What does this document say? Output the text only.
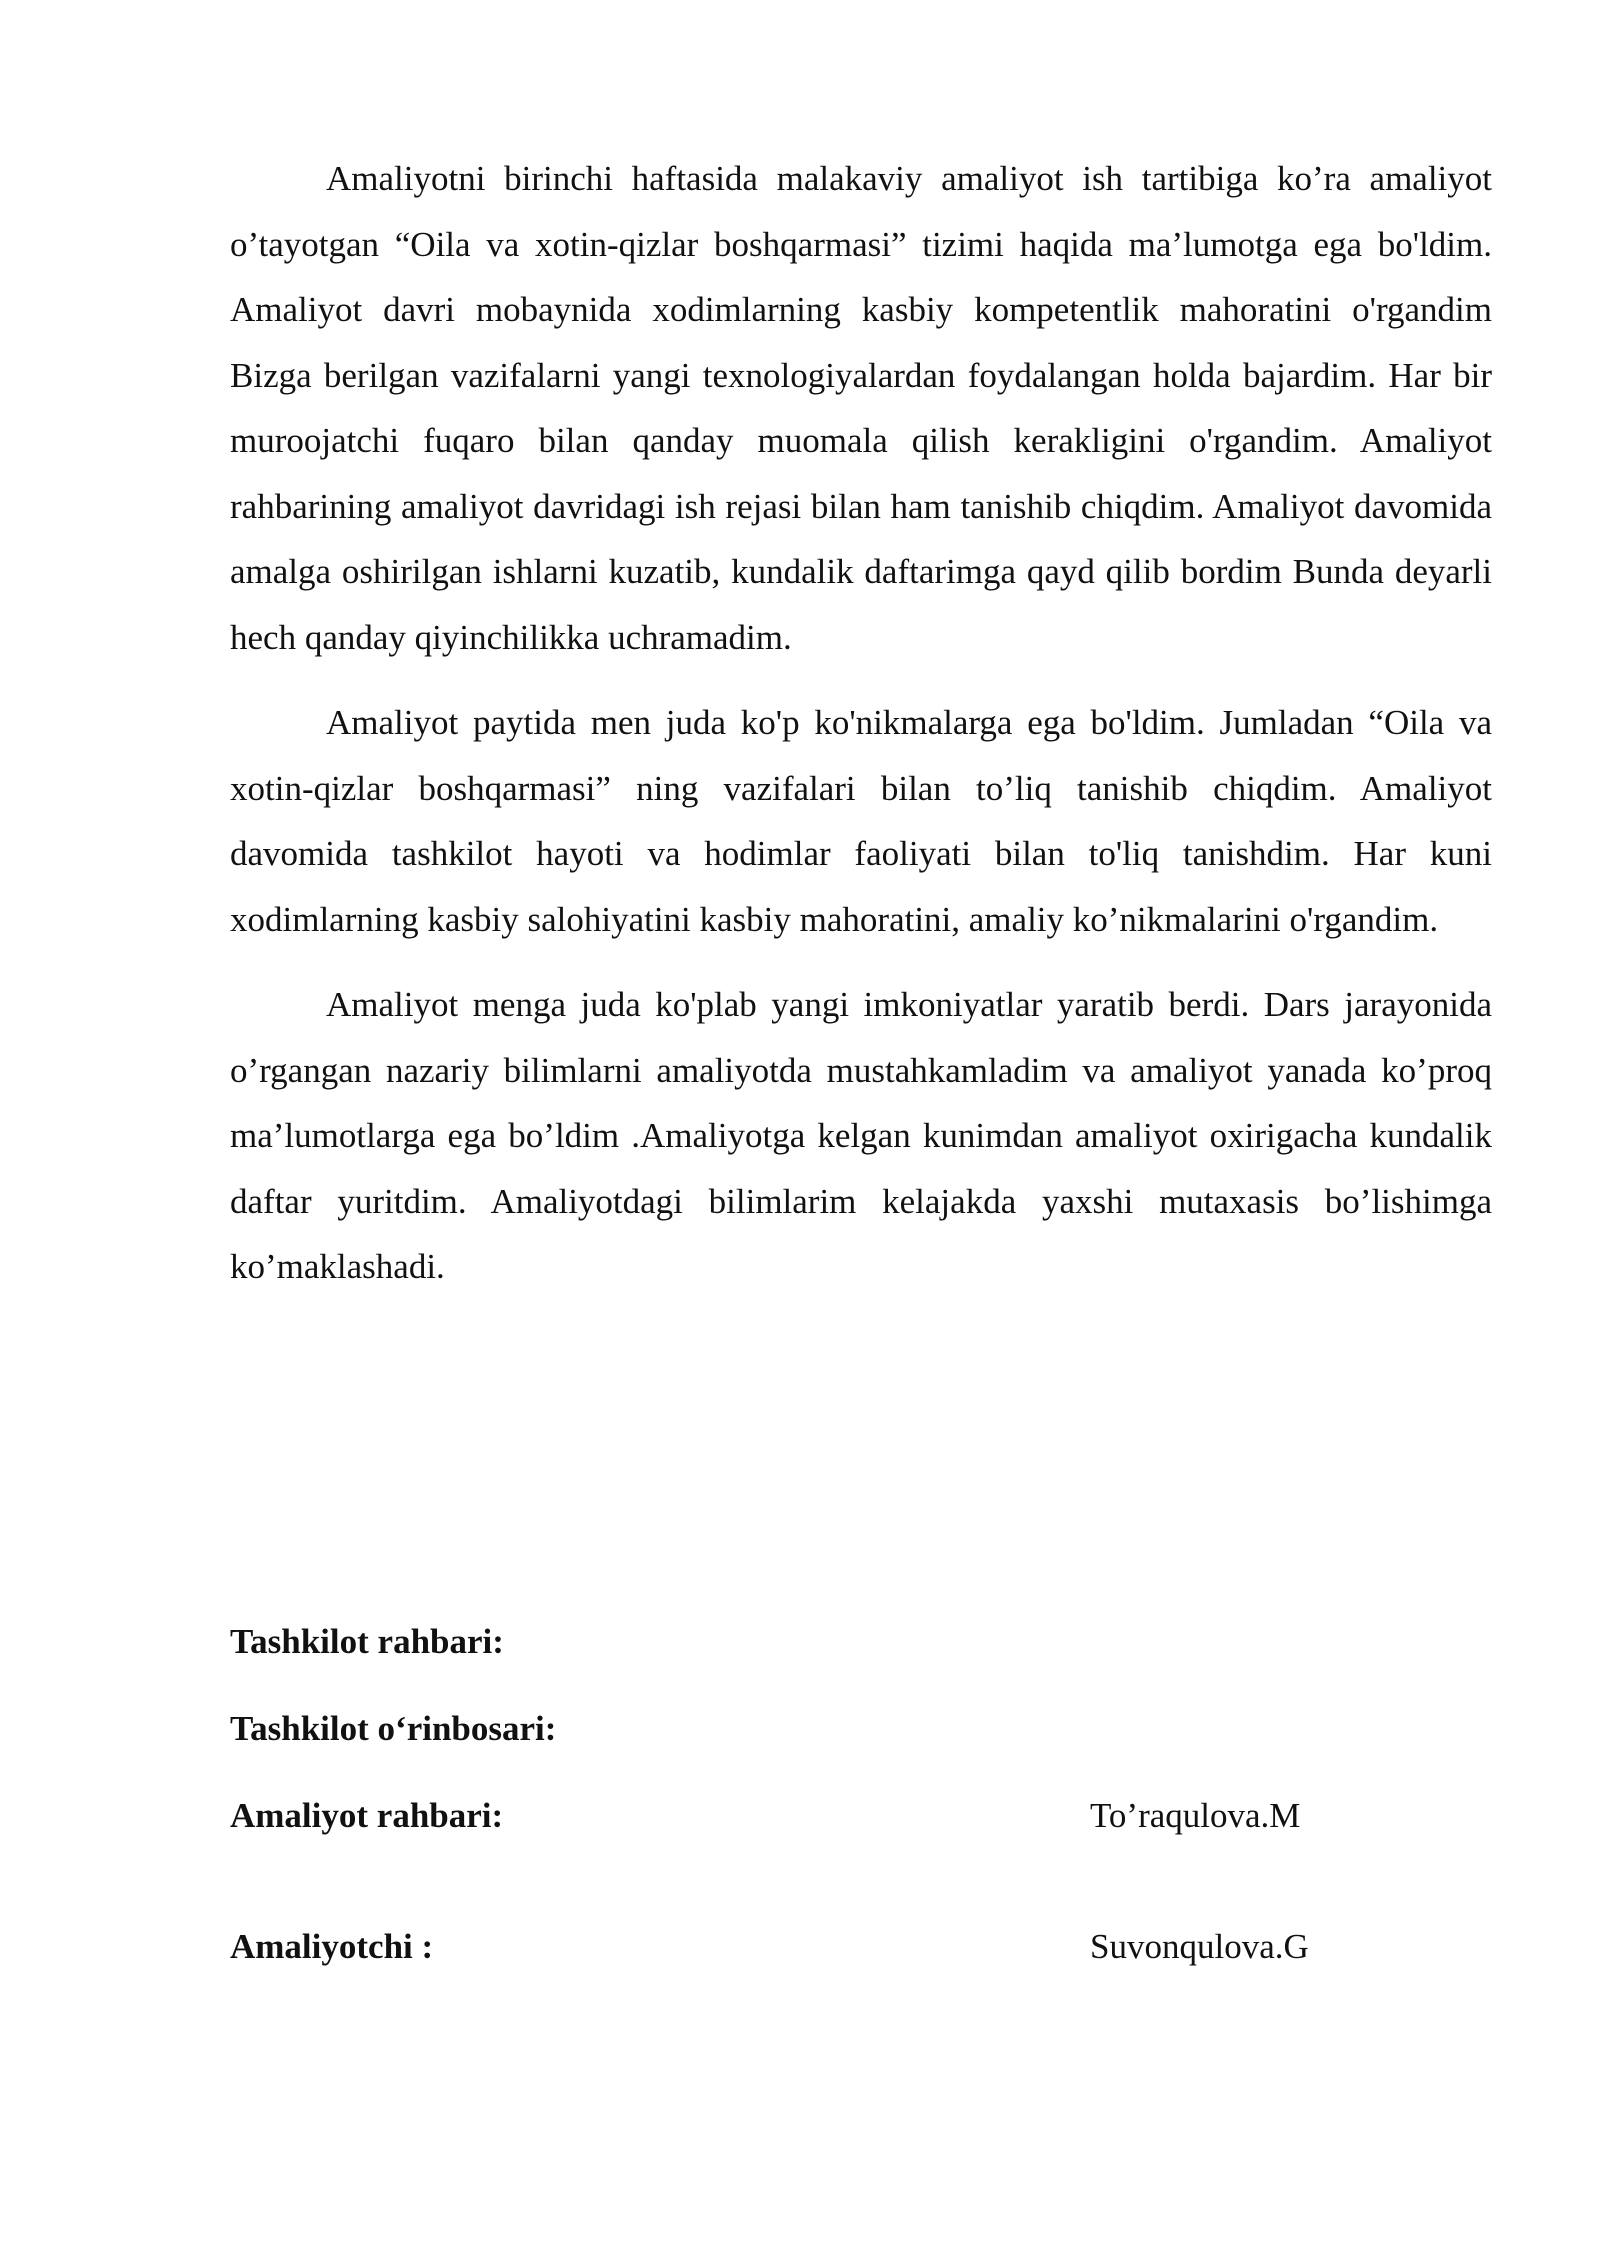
Amaliyotni birinchi haftasida malakaviy amaliyot ish tartibiga ko’ra amaliyot o’tayotgan “Oila va xotin-qizlar boshqarmasi” tizimi haqida ma’lumotga ega bo'ldim. Amaliyot davri mobaynida xodimlarning kasbiy kompetentlik mahoratini o'rgandim Bizga berilgan vazifalarni yangi texnologiyalardan foydalangan holda bajardim. Har bir muroojatchi fuqaro bilan qanday muomala qilish kerakligini o'rgandim. Amaliyot rahbarining amaliyot davridagi ish rejasi bilan ham tanishib chiqdim. Amaliyot davomida amalga oshirilgan ishlarni kuzatib, kundalik daftarimga qayd qilib bordim Bunda deyarli hech qanday qiyinchilikka uchramadim.

Amaliyot paytida men juda ko'p ko'nikmalarga ega bo'ldim. Jumladan “Oila va xotin-qizlar boshqarmasi” ning vazifalari bilan to’liq tanishib chiqdim. Amaliyot davomida tashkilot hayoti va hodimlar faoliyati bilan to'liq tanishdim. Har kuni xodimlarning kasbiy salohiyatini kasbiy mahoratini, amaliy ko’nikmalarini o'rgandim.

Amaliyot menga juda ko'plab yangi imkoniyatlar yaratib berdi. Dars jarayonida o’rgangan nazariy bilimlarni amaliyotda mustahkamladim va amaliyot yanada ko’proq ma’lumotlarga ega bo’ldim .Amaliyotga kelgan kunimdan amaliyot oxirigacha kundalik daftar yuritdim. Amaliyotdagi bilimlarim kelajakda yaxshi mutaxasis bo’lishimga ko’maklashadi.

Tashkilot rahbari:
Tashkilot o‘rinbosari:
Amaliyot rahbari:	To’raqulova.M
Amaliyotchi :	Suvonqulova.G
